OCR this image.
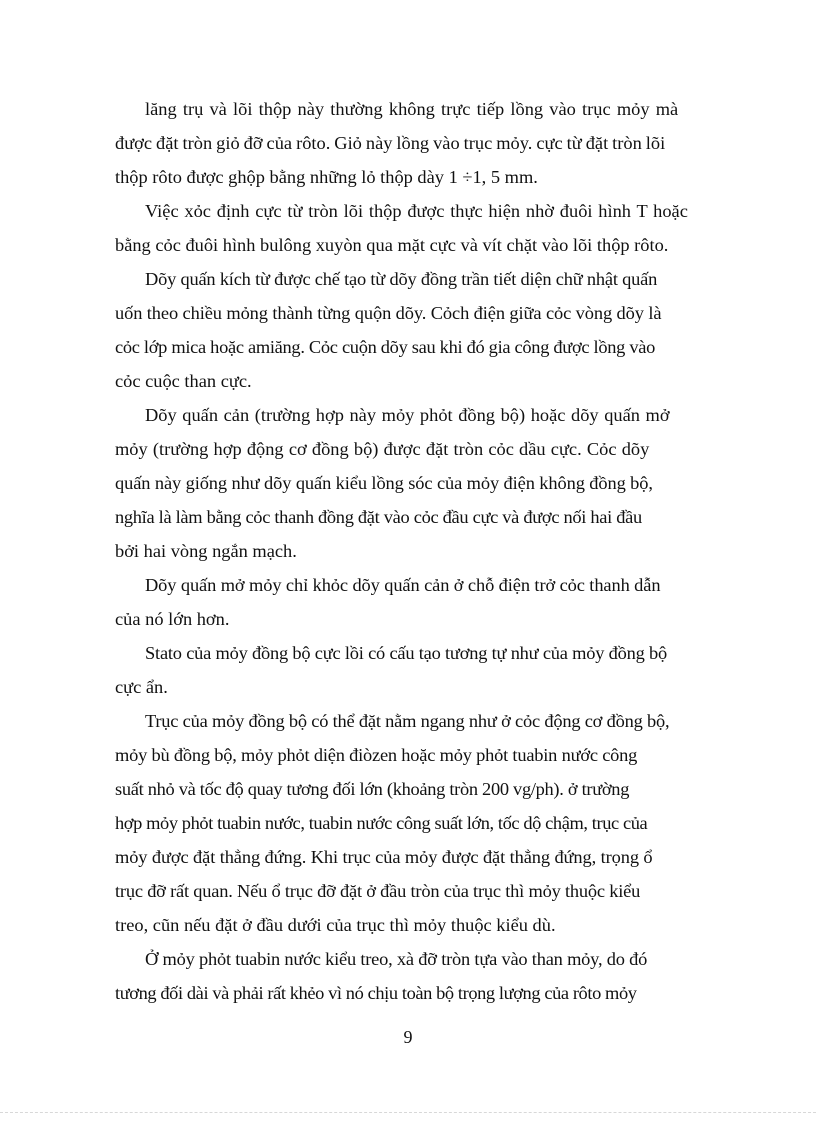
lăng trụ và lõi thộp này thường không trực tiếp lồng vào trục mỏy mà
được đặt tròn giỏ đỡ của rôto. Giỏ này lồng vào trục mỏy. cực từ đặt tròn lõi
thộp rôto được ghộp bằng những lỏ thộp dày 1 ÷1, 5 mm.
Việc xỏc định cực từ tròn lõi thộp được thực hiện nhờ đuôi hình T hoặc
bằng cỏc đuôi hình bulông xuyòn qua mặt cực và vít chặt vào lõi thộp rôto.
Dõy quấn kích từ được chế tạo từ dõy đồng trần tiết diện chữ nhật quấn
uốn theo chiều mỏng thành từng quộn dõy. Cỏch điện giữa cỏc vòng dõy là
cỏc lớp mica hoặc amiăng. Cỏc cuộn dõy sau khi đó gia công được lồng vào
cỏc cuộc than cực.
Dõy quấn cản (trường hợp này mỏy phỏt đồng bộ) hoặc dõy quấn mở
mỏy (trường hợp động cơ đồng bộ) được đặt tròn cỏc dầu cực. Cỏc dõy
quấn này giống như dõy quấn kiểu lồng sóc của mỏy điện không đồng bộ,
nghĩa là làm bằng cỏc thanh đồng đặt vào cỏc đầu cực và được nối hai đầu
bởi hai vòng ngắn mạch.
Dõy quấn mở mỏy chỉ khỏc dõy quấn cản ở chỗ điện trở cỏc thanh dẫn
của nó lớn hơn.
Stato của mỏy đồng bộ cực lồi có cấu tạo tương tự như của mỏy đồng bộ
cực ẩn.
Trục của mỏy đồng bộ có thể đặt nằm ngang như ở cỏc động cơ đồng bộ,
mỏy bù đồng bộ, mỏy phỏt diện điòzen hoặc mỏy phỏt tuabin nước công
suất nhỏ và tốc độ quay tương đối lớn (khoảng tròn 200 vg/ph). ở trường
hợp mỏy phỏt tuabin nước, tuabin nước công suất lớn, tốc dộ chậm, trục của
mỏy được đặt thẳng đứng. Khi trục của mỏy được đặt thẳng đứng, trọng ổ
trục đỡ rất quan. Nếu ổ trục đỡ đặt ở đầu tròn của trục thì mỏy thuộc kiểu
treo, cũn nếu đặt ở đầu dưới của trục thì mỏy thuộc kiểu dù.
Ở mỏy phỏt tuabin nước kiểu treo, xà đỡ tròn tựa vào than mỏy, do đó
tương đối dài và phải rất khẻo vì nó chịu toàn bộ trọng lượng của rôto mỏy
9
